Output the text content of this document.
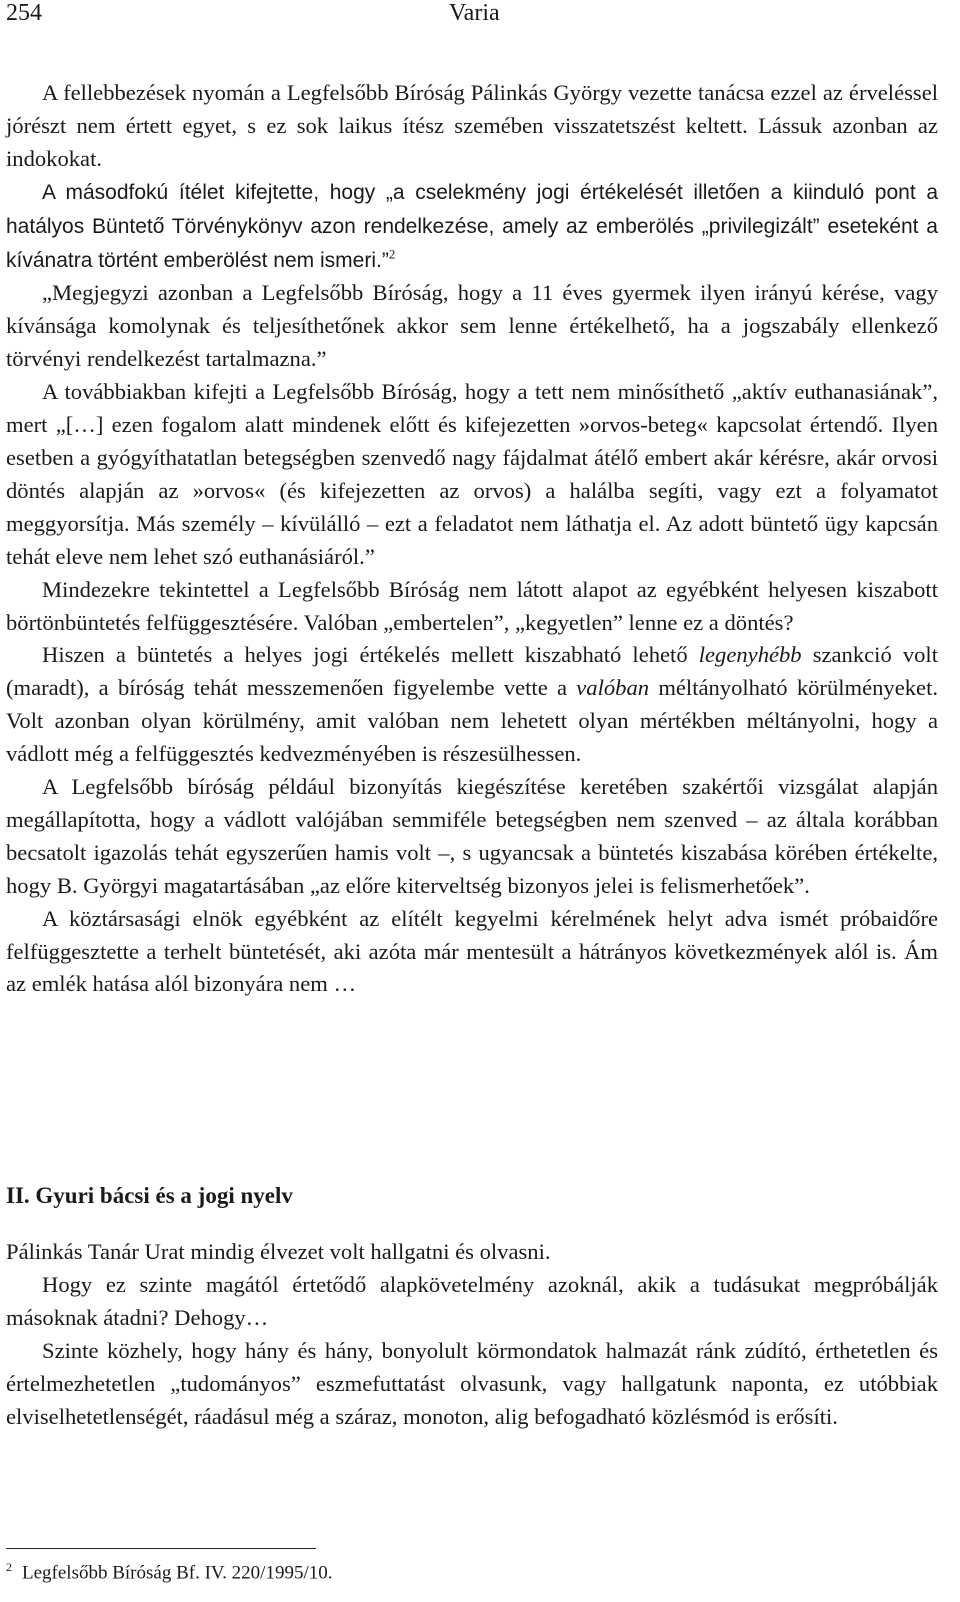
254	Varia

A fellebbezések nyomán a Legfelsőbb Bíróság Pálinkás György vezette tanácsa ezzel az érveléssel jórészt nem értett egyet, s ez sok laikus ítész szemében visszatetszést keltett. Lássuk azonban az indokokat.

A másodfokú ítélet kifejtette, hogy „a cselekmény jogi értékelését illetően a kiinduló pont a hatályos Büntető Törvénykönyv azon rendelkezése, amely az emberölés „privilegizált” eseteként a kívánatra történt emberölést nem ismeri.”$^2$

„Megjegyzi azonban a Legfelsőbb Bíróság, hogy a 11 éves gyermek ilyen irányú kérése, vagy kívánsága komolynak és teljesíthetőnek akkor sem lenne értékelhető, ha a jogszabály ellenkező törvényi rendelkezést tartalmazna.”

A továbbiakban kifejti a Legfelsőbb Bíróság, hogy a tett nem minősíthető „aktív euthanasiának”, mert „[…] ezen fogalom alatt mindenek előtt és kifejezetten »orvos-beteg« kapcsolat értendő. Ilyen esetben a gyógyíthatatlan betegségben szenvedő nagy fájdalmat átélő embert akár kérésre, akár orvosi döntés alapján az »orvos« (és kifejezetten az orvos) a halálba segíti, vagy ezt a folyamatot meggyorsítja. Más személy – kívülálló – ezt a feladatot nem láthatja el. Az adott büntető ügy kapcsán tehát eleve nem lehet szó euthanásiáról.”

Mindezekre tekintettel a Legfelsőbb Bíróság nem látott alapot az egyébként helyesen kiszabott börtönbüntetés felfüggesztésére. Valóban „embertelen”, „kegyetlen” lenne ez a döntés?

Hiszen a büntetés a helyes jogi értékelés mellett kiszabható lehető legenyhébb szankció volt (maradt), a bíróság tehát messzemenően figyelembe vette a valóban méltányolható körülményeket. Volt azonban olyan körülmény, amit valóban nem lehetett olyan mértékben méltányolni, hogy a vádlott még a felfüggesztés kedvezményében is részesülhessen.

A Legfelsőbb bíróság például bizonyítás kiegészítése keretében szakértői vizsgálat alapján megállapította, hogy a vádlott valójában semmiféle betegségben nem szenved – az általa korábban becsatolt igazolás tehát egyszerűen hamis volt –, s ugyancsak a büntetés kiszabása körében értékelte, hogy B. Györgyi magatartásában „az előre kiterveltség bizonyos jelei is felismerhetőek”.

A köztársasági elnök egyébként az elítélt kegyelmi kérelmének helyt adva ismét próbaidőre felfüggesztette a terhelt büntetését, aki azóta már mentesült a hátrányos következmények alól is. Ám az emlék hatása alól bizonyára nem …

II. Gyuri bácsi és a jogi nyelv

Pálinkás Tanár Urat mindig élvezet volt hallgatni és olvasni.

Hogy ez szinte magától értetődő alapkövetelmény azoknál, akik a tudásukat megpróbálják másoknak átadni? Dehogy…

Szinte közhely, hogy hány és hány, bonyolult körmondatok halmazát ránk zúdító, érthetetlen és értelmezhetetlen „tudományos” eszmefuttatást olvasunk, vagy hallgatunk naponta, ez utóbbiak elviselhetetlenségét, ráadásul még a száraz, monoton, alig befogadható közlésmód is erősíti.

$^2$ Legfelsőbb Bíróság Bf. IV. 220/1995/10.
